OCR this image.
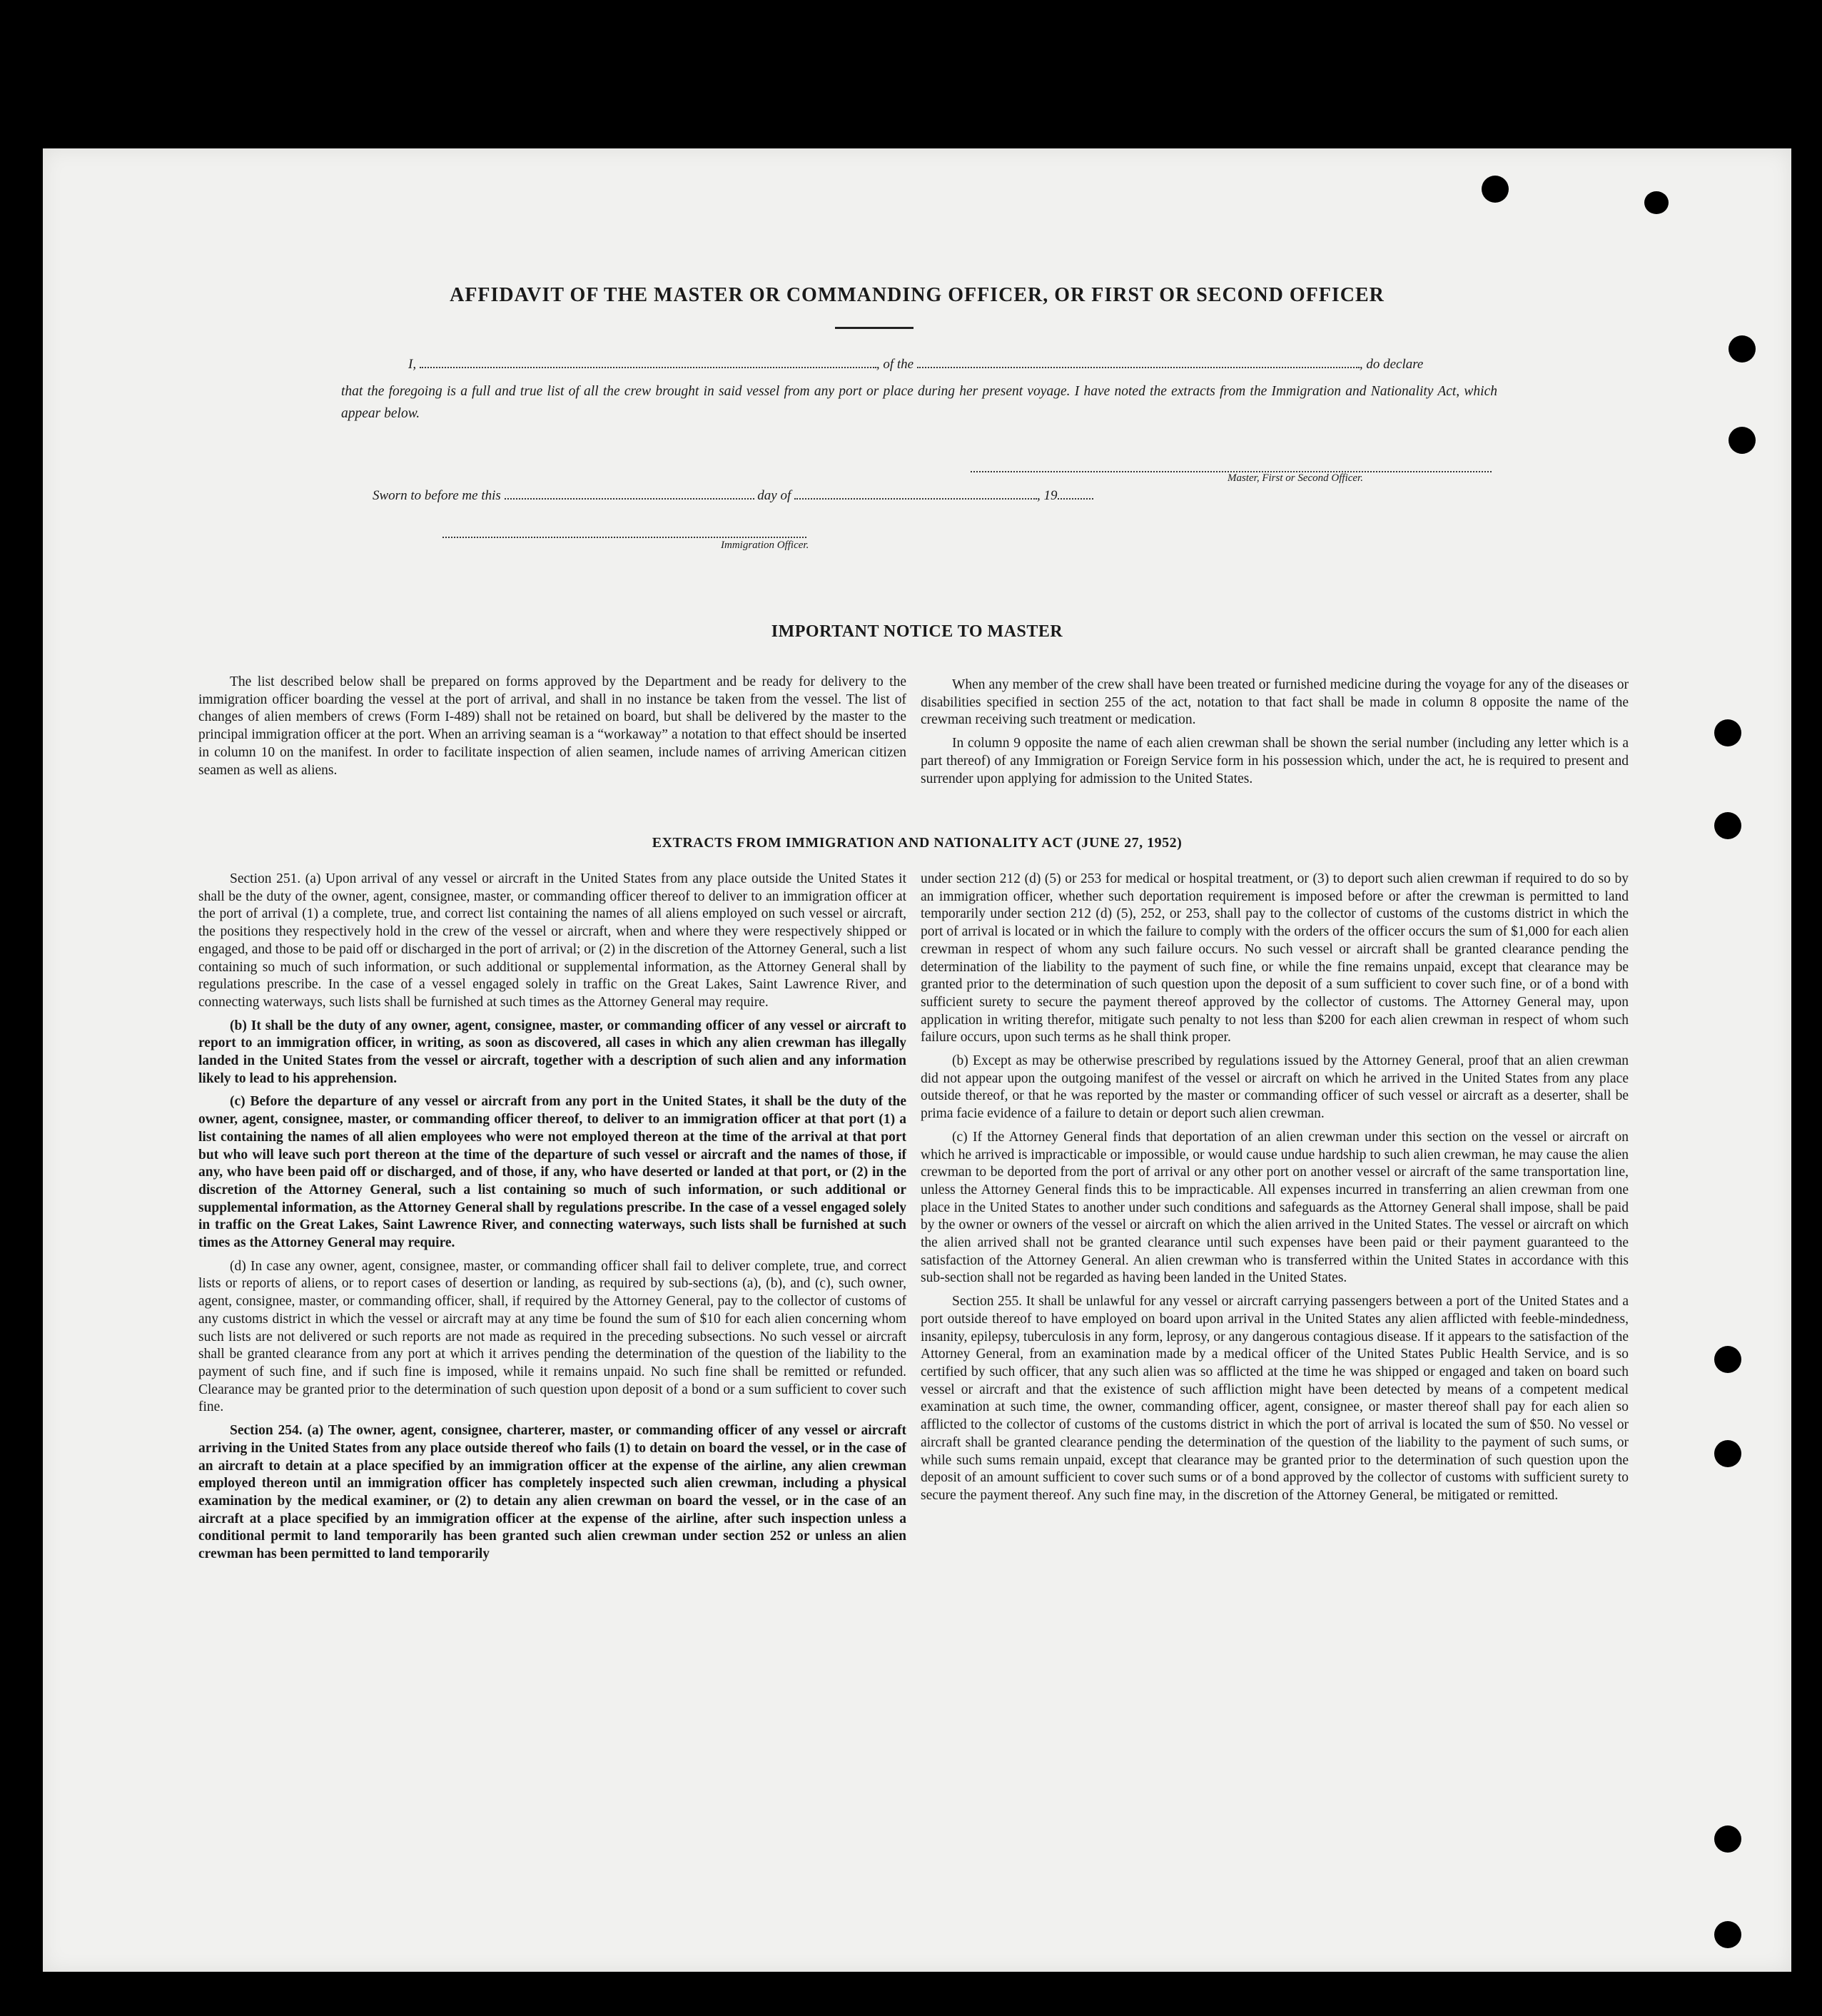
AFFIDAVIT OF THE MASTER OR COMMANDING OFFICER, OR FIRST OR SECOND OFFICER
I,	, of the	, do declare
that the foregoing is a full and true list of all the crew brought in said vessel from any port or place during her present voyage. I have noted the extracts from the Immigration and Nationality Act, which appear below.
Master, First or Second Officer.
Sworn to before me this	day of	, 19
Immigration Officer.
IMPORTANT NOTICE TO MASTER

The list described below shall be prepared on forms approved by the Department and be ready for delivery to the immigration officer boarding the vessel at the port of arrival, and shall in no instance be taken from the vessel. The list of changes of alien members of crews (Form I-489) shall not be retained on board, but shall be delivered by the master to the principal immigration officer at the port. When an arriving seaman is a “workaway” a notation to that effect should be inserted in column 10 on the manifest. In order to facilitate inspection of alien seamen, include names of arriving American citizen seamen as well as aliens.

When any member of the crew shall have been treated or furnished medicine during the voyage for any of the diseases or disabilities specified in section 255 of the act, notation to that fact shall be made in column 8 opposite the name of the crewman receiving such treatment or medication.

In column 9 opposite the name of each alien crewman shall be shown the serial number (including any letter which is a part thereof) of any Immigration or Foreign Service form in his possession which, under the act, he is required to present and surrender upon applying for admission to the United States.

EXTRACTS FROM IMMIGRATION AND NATIONALITY ACT (JUNE 27, 1952)

Section 251. (a) Upon arrival of any vessel or aircraft in the United States from any place outside the United States it shall be the duty of the owner, agent, consignee, master, or commanding officer thereof to deliver to an immigration officer at the port of arrival (1) a complete, true, and correct list containing the names of all aliens employed on such vessel or aircraft, the positions they respectively hold in the crew of the vessel or aircraft, when and where they were respectively shipped or engaged, and those to be paid off or discharged in the port of arrival; or (2) in the discretion of the Attorney General, such a list containing so much of such information, or such additional or supplemental information, as the Attorney General shall by regulations prescribe. In the case of a vessel engaged solely in traffic on the Great Lakes, Saint Lawrence River, and connecting waterways, such lists shall be furnished at such times as the Attorney General may require.

(b) It shall be the duty of any owner, agent, consignee, master, or commanding officer of any vessel or aircraft to report to an immigration officer, in writing, as soon as discovered, all cases in which any alien crewman has illegally landed in the United States from the vessel or aircraft, together with a description of such alien and any information likely to lead to his apprehension.

(c) Before the departure of any vessel or aircraft from any port in the United States, it shall be the duty of the owner, agent, consignee, master, or commanding officer thereof, to deliver to an immigration officer at that port (1) a list containing the names of all alien employees who were not employed thereon at the time of the arrival at that port but who will leave such port thereon at the time of the departure of such vessel or aircraft and the names of those, if any, who have been paid off or discharged, and of those, if any, who have deserted or landed at that port, or (2) in the discretion of the Attorney General, such a list containing so much of such information, or such additional or supplemental information, as the Attorney General shall by regulations prescribe. In the case of a vessel engaged solely in traffic on the Great Lakes, Saint Lawrence River, and connecting waterways, such lists shall be furnished at such times as the Attorney General may require.

(d) In case any owner, agent, consignee, master, or commanding officer shall fail to deliver complete, true, and correct lists or reports of aliens, or to report cases of desertion or landing, as required by sub-sections (a), (b), and (c), such owner, agent, consignee, master, or commanding officer, shall, if required by the Attorney General, pay to the collector of customs of any customs district in which the vessel or aircraft may at any time be found the sum of $10 for each alien concerning whom such lists are not delivered or such reports are not made as required in the preceding subsections. No such vessel or aircraft shall be granted clearance from any port at which it arrives pending the determination of the question of the liability to the payment of such fine, and if such fine is imposed, while it remains unpaid. No such fine shall be remitted or refunded. Clearance may be granted prior to the determination of such question upon deposit of a bond or a sum sufficient to cover such fine.

Section 254. (a) The owner, agent, consignee, charterer, master, or commanding officer of any vessel or aircraft arriving in the United States from any place outside thereof who fails (1) to detain on board the vessel, or in the case of an aircraft to detain at a place specified by an immigration officer at the expense of the airline, any alien crewman employed thereon until an immigration officer has completely inspected such alien crewman, including a physical examination by the medical examiner, or (2) to detain any alien crewman on board the vessel, or in the case of an aircraft at a place specified by an immigration officer at the expense of the airline, after such inspection unless a conditional permit to land temporarily has been granted such alien crewman under section 252 or unless an alien crewman has been permitted to land temporarily

under section 212 (d) (5) or 253 for medical or hospital treatment, or (3) to deport such alien crewman if required to do so by an immigration officer, whether such deportation requirement is imposed before or after the crewman is permitted to land temporarily under section 212 (d) (5), 252, or 253, shall pay to the collector of customs of the customs district in which the port of arrival is located or in which the failure to comply with the orders of the officer occurs the sum of $1,000 for each alien crewman in respect of whom any such failure occurs. No such vessel or aircraft shall be granted clearance pending the determination of the liability to the payment of such fine, or while the fine remains unpaid, except that clearance may be granted prior to the determination of such question upon the deposit of a sum sufficient to cover such fine, or of a bond with sufficient surety to secure the payment thereof approved by the collector of customs. The Attorney General may, upon application in writing therefor, mitigate such penalty to not less than $200 for each alien crewman in respect of whom such failure occurs, upon such terms as he shall think proper.

(b) Except as may be otherwise prescribed by regulations issued by the Attorney General, proof that an alien crewman did not appear upon the outgoing manifest of the vessel or aircraft on which he arrived in the United States from any place outside thereof, or that he was reported by the master or commanding officer of such vessel or aircraft as a deserter, shall be prima facie evidence of a failure to detain or deport such alien crewman.

(c) If the Attorney General finds that deportation of an alien crewman under this section on the vessel or aircraft on which he arrived is impracticable or impossible, or would cause undue hardship to such alien crewman, he may cause the alien crewman to be deported from the port of arrival or any other port on another vessel or aircraft of the same transportation line, unless the Attorney General finds this to be impracticable. All expenses incurred in transferring an alien crewman from one place in the United States to another under such conditions and safeguards as the Attorney General shall impose, shall be paid by the owner or owners of the vessel or aircraft on which the alien arrived in the United States. The vessel or aircraft on which the alien arrived shall not be granted clearance until such expenses have been paid or their payment guaranteed to the satisfaction of the Attorney General. An alien crewman who is transferred within the United States in accordance with this sub-section shall not be regarded as having been landed in the United States.

Section 255. It shall be unlawful for any vessel or aircraft carrying passengers between a port of the United States and a port outside thereof to have employed on board upon arrival in the United States any alien afflicted with feeble-mindedness, insanity, epilepsy, tuberculosis in any form, leprosy, or any dangerous contagious disease. If it appears to the satisfaction of the Attorney General, from an examination made by a medical officer of the United States Public Health Service, and is so certified by such officer, that any such alien was so afflicted at the time he was shipped or engaged and taken on board such vessel or aircraft and that the existence of such affliction might have been detected by means of a competent medical examination at such time, the owner, commanding officer, agent, consignee, or master thereof shall pay for each alien so afflicted to the collector of customs of the customs district in which the port of arrival is located the sum of $50. No vessel or aircraft shall be granted clearance pending the determination of the question of the liability to the payment of such sums, or while such sums remain unpaid, except that clearance may be granted prior to the determination of such question upon the deposit of an amount sufficient to cover such sums or of a bond approved by the collector of customs with sufficient surety to secure the payment thereof. Any such fine may, in the discretion of the Attorney General, be mitigated or remitted.
